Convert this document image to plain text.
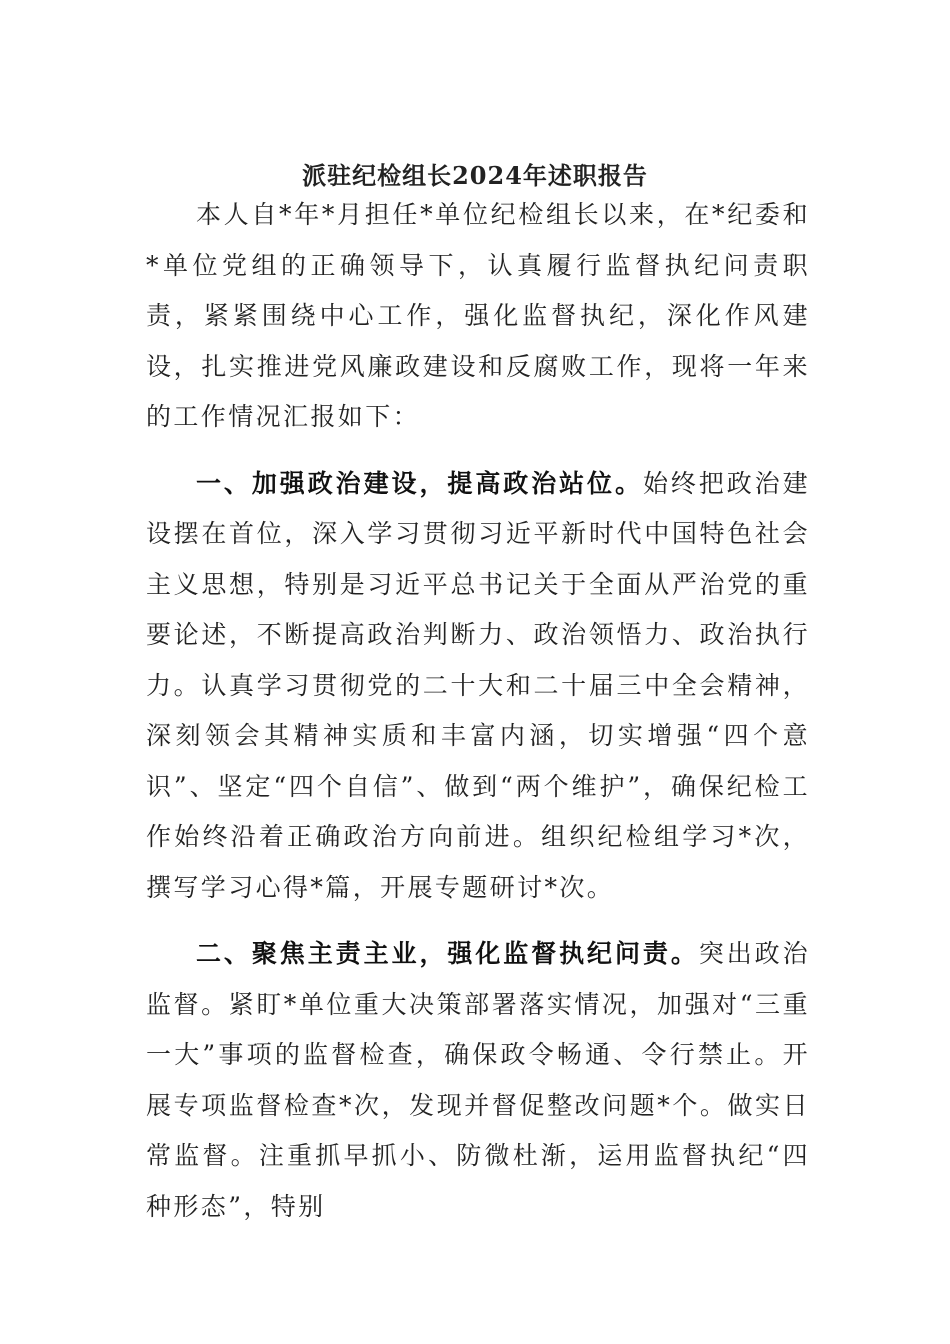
派驻纪检组长2024年述职报告

本人自*年*月担任*单位纪检组长以来，在*纪委和*单位党组的正确领导下，认真履行监督执纪问责职责，紧紧围绕中心工作，强化监督执纪，深化作风建设，扎实推进党风廉政建设和反腐败工作，现将一年来的工作情况汇报如下：

一、加强政治建设，提高政治站位。始终把政治建设摆在首位，深入学习贯彻习近平新时代中国特色社会主义思想，特别是习近平总书记关于全面从严治党的重要论述，不断提高政治判断力、政治领悟力、政治执行力。认真学习贯彻党的二十大和二十届三中全会精神，深刻领会其精神实质和丰富内涵，切实增强“四个意识”、坚定“四个自信”、做到“两个维护”，确保纪检工作始终沿着正确政治方向前进。组织纪检组学习*次，撰写学习心得*篇，开展专题研讨*次。

二、聚焦主责主业，强化监督执纪问责。突出政治监督。紧盯*单位重大决策部署落实情况，加强对“三重一大”事项的监督检查，确保政令畅通、令行禁止。开展专项监督检查*次，发现并督促整改问题*个。做实日常监督。注重抓早抓小、防微杜渐，运用监督执纪“四种形态”，特别
